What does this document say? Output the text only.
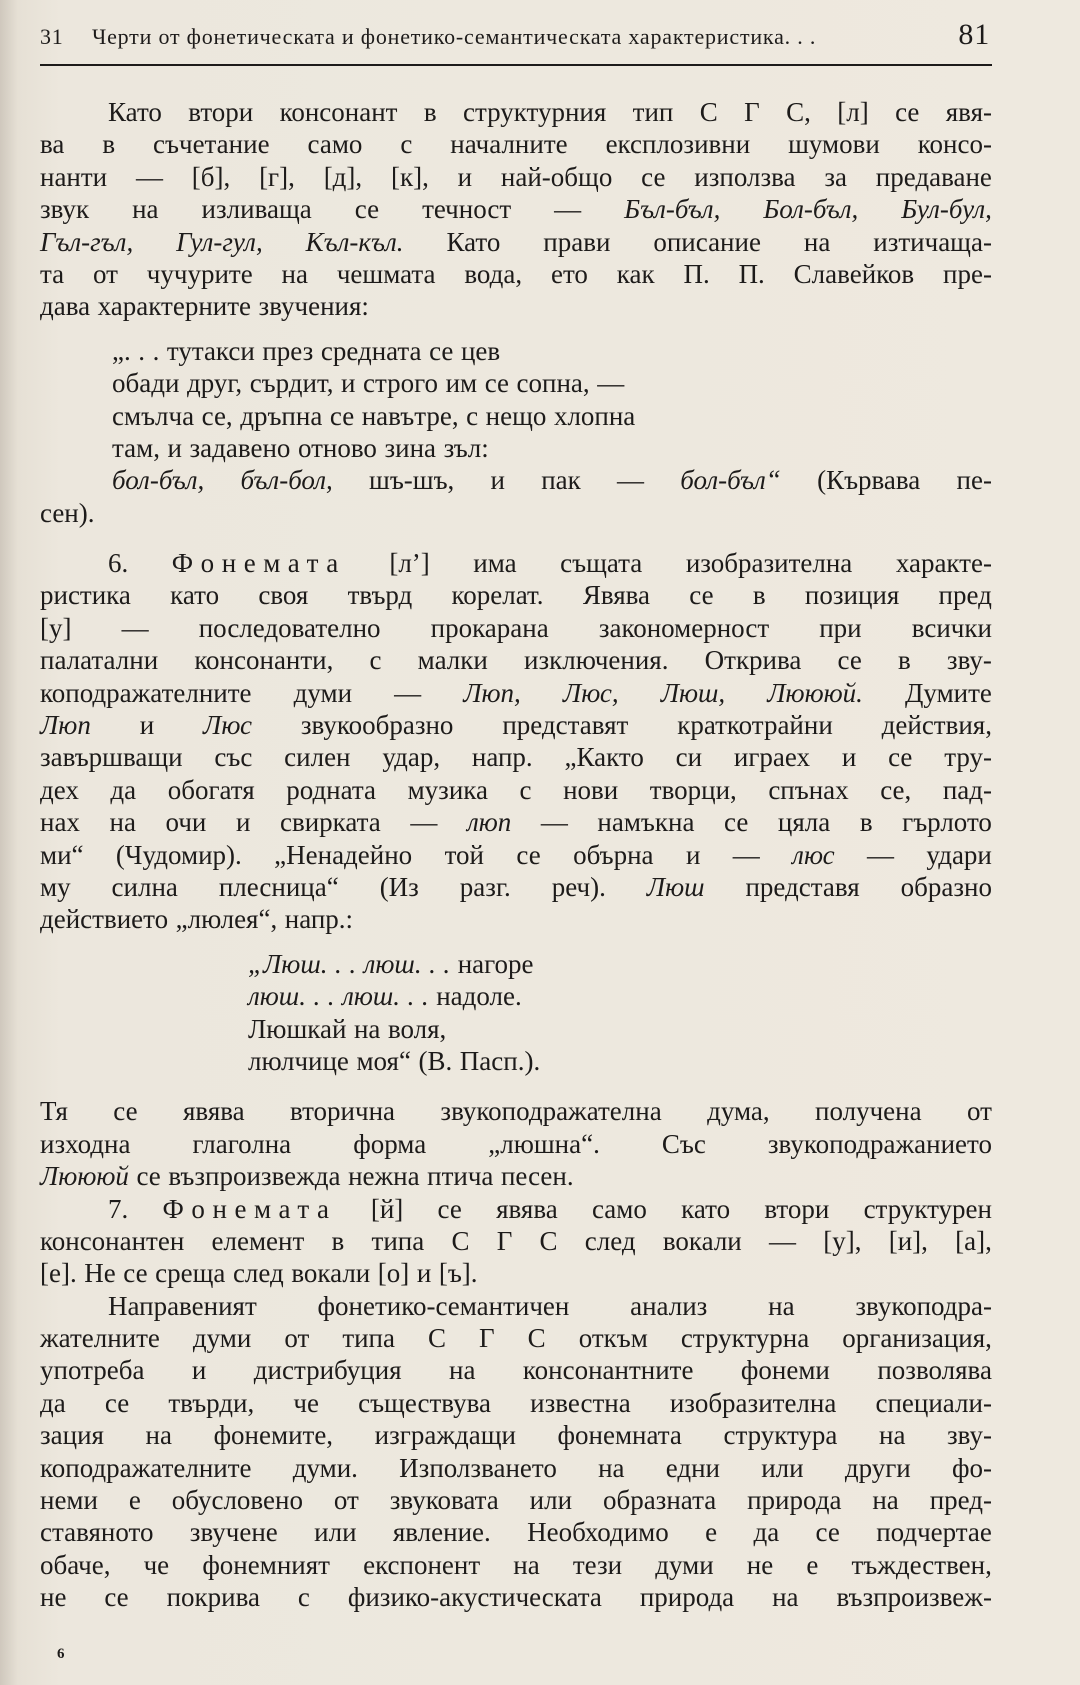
31 Черти от фонетическата и фонетико-семантическата характеристика. . .	81
Като втори консонант в структурния тип С Г С, [л] се явя-
ва в съчетание само с началните експлозивни шумови консо-
нанти — [б], [г], [д], [к], и най-общо се използва за предаване
звук на изливаща се течност — Бъл-бъл, Бол-бъл, Бул-бул,
Гъл-гъл, Гул-гул, Къл-къл. Като прави описание на изтичаща-
та от чучурите на чешмата вода, ето как П. П. Славейков пре-
дава характерните звучения:
„. . . тутакси през средната се цев
обади друг, сърдит, и строго им се сопна, —
смълча се, дръпна се навътре, с нещо хлопна
там, и задавено отново зина зъл:
бол-бъл, бъл-бол, шъ-шъ, и пак — бол-бъл“ (Кървава пе-
сен).
6. Фонемата [л’] има същата изобразителна характе-
ристика като своя твърд корелат. Явява се в позиция пред
[у] — последователно прокарана закономерност при всички
палатални консонанти, с малки изключения. Открива се в зву-
коподражателните думи — Люп, Люс, Люш, Люююй. Думите
Люп и Люс звукообразно представят краткотрайни действия,
завършващи със силен удар, напр. „Както си играех и се тру-
дех да обогатя родната музика с нови творци, спънах се, пад-
нах на очи и свирката — люп — намъкна се цяла в гърлото
ми“ (Чудомир). „Ненадейно той се обърна и — люс — удари
му силна плесница“ (Из разг. реч). Люш представя образно
действието „люлея“, напр.:
„Люш. . . люш. . . нагоре
люш. . . люш. . . надоле.
Люшкай на воля,
люлчице моя“ (В. Пасп.).
Тя се явява вторична звукоподражателна дума, получена от
изходна глаголна форма „люшна“. Със звукоподражанието
Люююй се възпроизвежда нежна птича песен.
7. Фонемата [й] се явява само като втори структурен
консонантен елемент в типа С Г С след вокали — [у], [и], [а],
[е]. Не се среща след вокали [о] и [ъ].
Направеният фонетико-семантичен анализ на звукоподра-
жателните думи от типа С Г С откъм структурна организация,
употреба и дистрибуция на консонантните фонеми позволява
да се твърди, че съществува известна изобразителна специали-
зация на фонемите, изграждащи фонемната структура на зву-
коподражателните думи. Използването на едни или други фо-
неми е обусловено от звуковата или образната природа на пред-
ставяното звучене или явление. Необходимо е да се подчертае
обаче, че фонемният експонент на тези думи не е тъждествен,
не се покрива с физико-акустическата природа на възпроизвеж-
6
